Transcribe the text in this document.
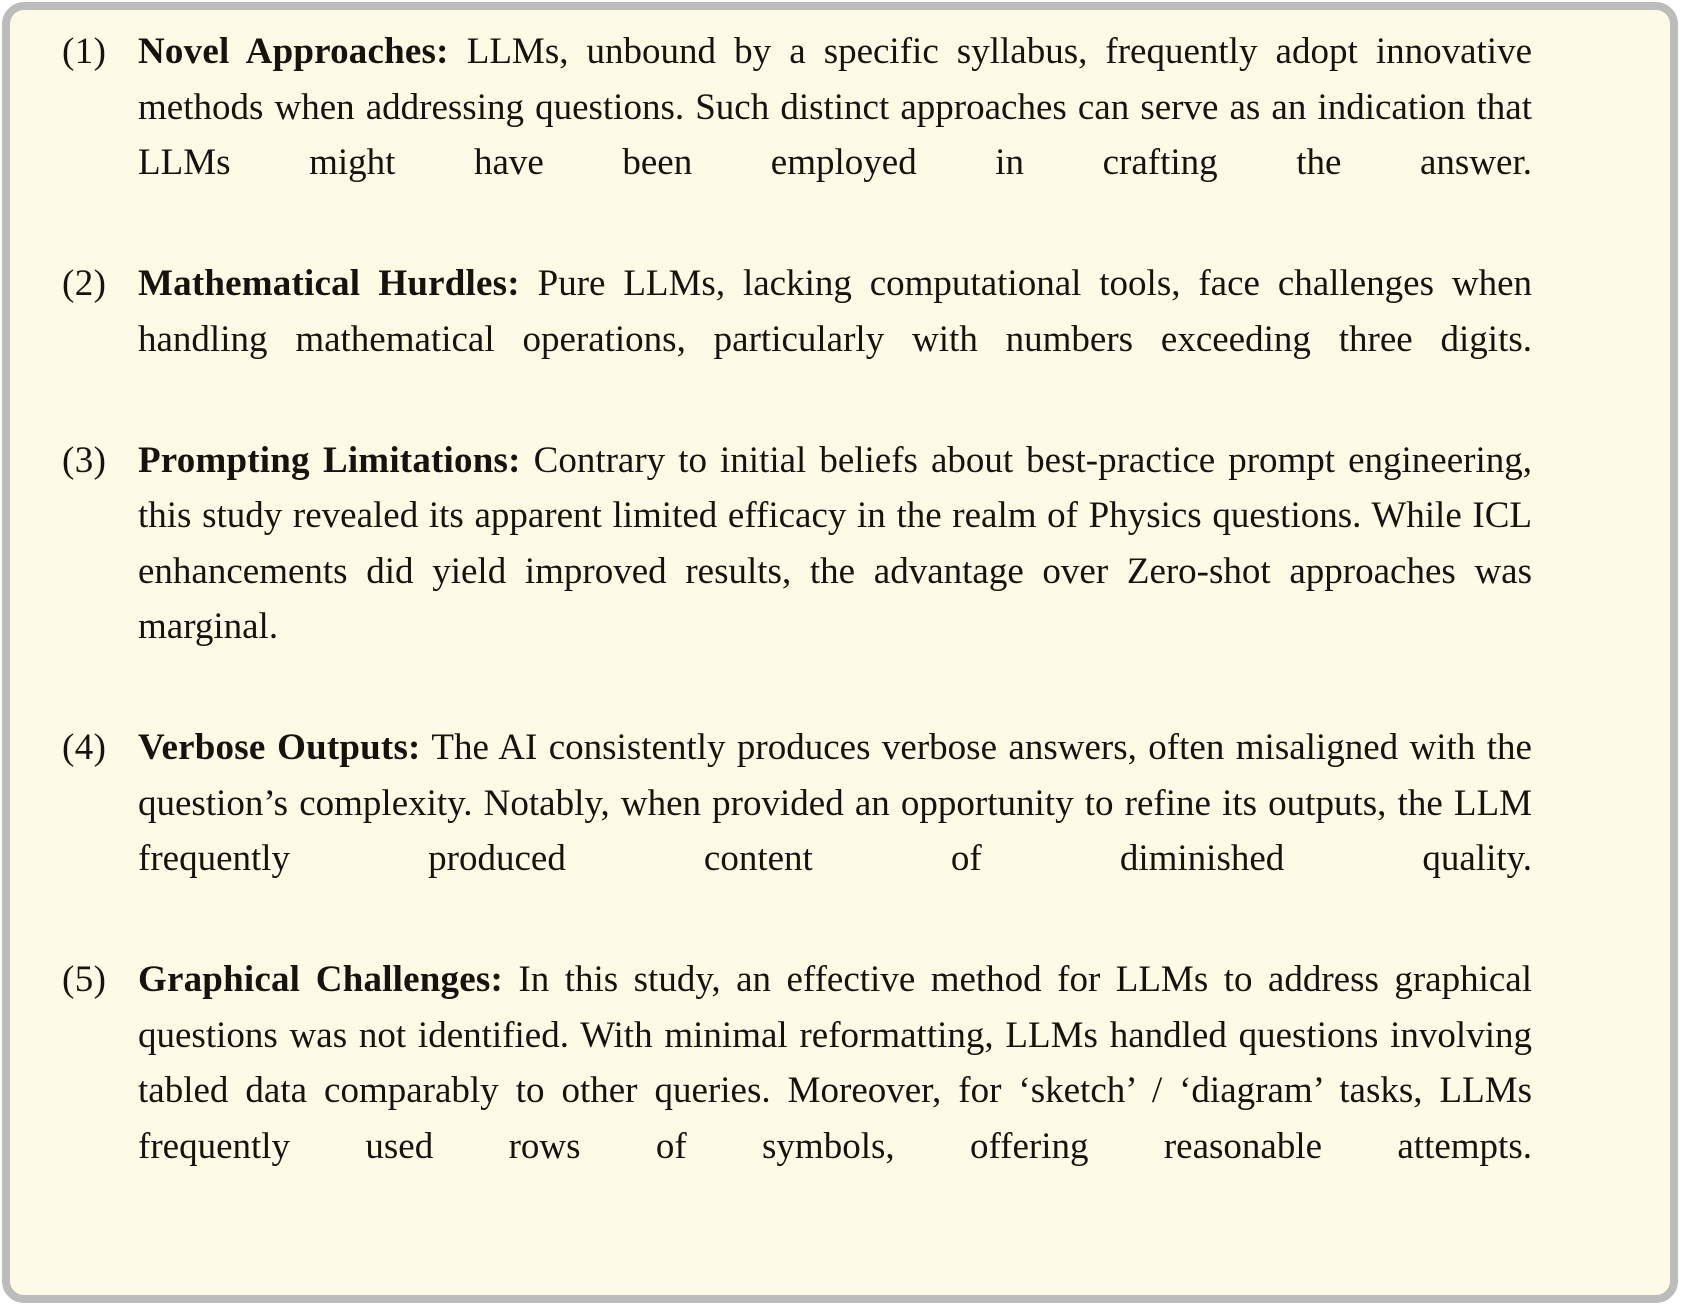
(1) Novel Approaches: LLMs, unbound by a specific syllabus, frequently adopt innovative methods when addressing questions. Such distinct approaches can serve as an indication that LLMs might have been employed in crafting the answer.
(2) Mathematical Hurdles: Pure LLMs, lacking computational tools, face challenges when handling mathematical operations, particularly with numbers exceeding three digits.
(3) Prompting Limitations: Contrary to initial beliefs about best-practice prompt engineering, this study revealed its apparent limited efficacy in the realm of Physics questions. While ICL enhancements did yield improved results, the advantage over Zero-shot approaches was marginal.
(4) Verbose Outputs: The AI consistently produces verbose answers, often misaligned with the question’s complexity. Notably, when provided an opportunity to refine its outputs, the LLM frequently produced content of diminished quality.
(5) Graphical Challenges: In this study, an effective method for LLMs to address graphical questions was not identified. With minimal reformatting, LLMs handled questions involving tabled data comparably to other queries. Moreover, for ‘sketch’ / ‘diagram’ tasks, LLMs frequently used rows of symbols, offering reasonable attempts.
